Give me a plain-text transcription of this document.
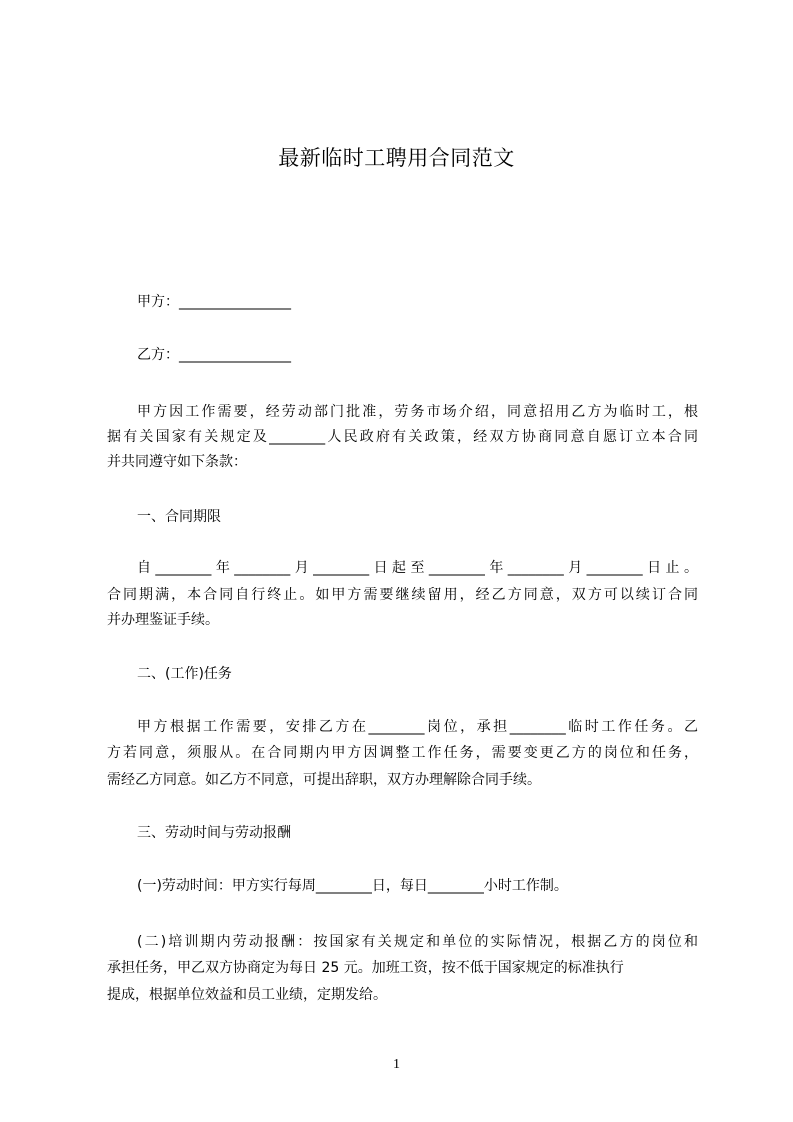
最新临时工聘用合同范文
甲方：________________
乙方：________________
甲方因工作需要，经劳动部门批准，劳务市场介绍，同意招用乙方为临时工，根
据有关国家有关规定及________人民政府有关政策，经双方协商同意自愿订立本合同
并共同遵守如下条款：
一、合同期限
自________年________月________日起至________年________月________日止。
合同期满，本合同自行终止。如甲方需要继续留用，经乙方同意，双方可以续订合同
并办理鉴证手续。
二、(工作)任务
甲方根据工作需要，安排乙方在________岗位，承担________临时工作任务。乙
方若同意，须服从。在合同期内甲方因调整工作任务，需要变更乙方的岗位和任务，
需经乙方同意。如乙方不同意，可提出辞职，双方办理解除合同手续。
三、劳动时间与劳动报酬
(一)劳动时间：甲方实行每周________日，每日________小时工作制。
(二)培训期内劳动报酬：按国家有关规定和单位的实际情况，根据乙方的岗位和
承担任务，甲乙双方协商定为每日 25 元。加班工资，按不低于国家规定的标准执行
提成，根据单位效益和员工业绩，定期发给。
1
